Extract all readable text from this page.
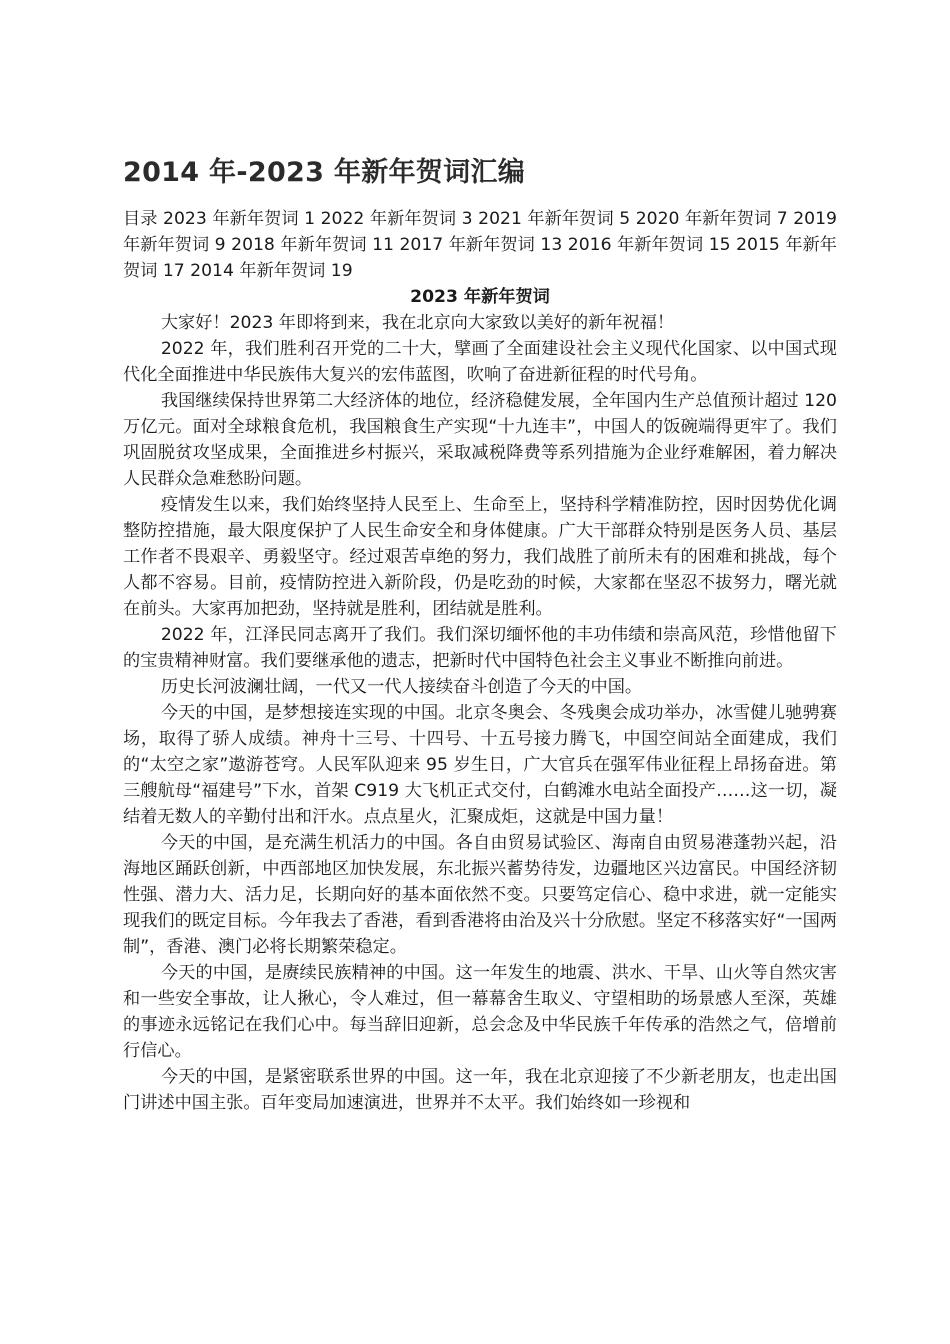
2014 年-2023 年新年贺词汇编

目录 2023 年新年贺词 1 2022 年新年贺词 3 2021 年新年贺词 5 2020 年新年贺词 7 2019 年新年贺词 9 2018 年新年贺词 11 2017 年新年贺词 13 2016 年新年贺词 15 2015 年新年贺词 17 2014 年新年贺词 19

2023 年新年贺词

大家好！2023 年即将到来，我在北京向大家致以美好的新年祝福！

2022 年，我们胜利召开党的二十大，擘画了全面建设社会主义现代化国家、以中国式现代化全面推进中华民族伟大复兴的宏伟蓝图，吹响了奋进新征程的时代号角。

我国继续保持世界第二大经济体的地位，经济稳健发展，全年国内生产总值预计超过 120 万亿元。面对全球粮食危机，我国粮食生产实现“十九连丰”，中国人的饭碗端得更牢了。我们巩固脱贫攻坚成果，全面推进乡村振兴，采取减税降费等系列措施为企业纾难解困，着力解决人民群众急难愁盼问题。

疫情发生以来，我们始终坚持人民至上、生命至上，坚持科学精准防控，因时因势优化调整防控措施，最大限度保护了人民生命安全和身体健康。广大干部群众特别是医务人员、基层工作者不畏艰辛、勇毅坚守。经过艰苦卓绝的努力，我们战胜了前所未有的困难和挑战，每个人都不容易。目前，疫情防控进入新阶段，仍是吃劲的时候，大家都在坚忍不拔努力，曙光就在前头。大家再加把劲，坚持就是胜利，团结就是胜利。

2022 年，江泽民同志离开了我们。我们深切缅怀他的丰功伟绩和崇高风范，珍惜他留下的宝贵精神财富。我们要继承他的遗志，把新时代中国特色社会主义事业不断推向前进。

历史长河波澜壮阔，一代又一代人接续奋斗创造了今天的中国。

今天的中国，是梦想接连实现的中国。北京冬奥会、冬残奥会成功举办，冰雪健儿驰骋赛场，取得了骄人成绩。神舟十三号、十四号、十五号接力腾飞，中国空间站全面建成，我们的“太空之家”遨游苍穹。人民军队迎来 95 岁生日，广大官兵在强军伟业征程上昂扬奋进。第三艘航母“福建号”下水，首架 C919 大飞机正式交付，白鹤滩水电站全面投产……这一切，凝结着无数人的辛勤付出和汗水。点点星火，汇聚成炬，这就是中国力量！

今天的中国，是充满生机活力的中国。各自由贸易试验区、海南自由贸易港蓬勃兴起，沿海地区踊跃创新，中西部地区加快发展，东北振兴蓄势待发，边疆地区兴边富民。中国经济韧性强、潜力大、活力足，长期向好的基本面依然不变。只要笃定信心、稳中求进，就一定能实现我们的既定目标。今年我去了香港，看到香港将由治及兴十分欣慰。坚定不移落实好“一国两制”，香港、澳门必将长期繁荣稳定。

今天的中国，是赓续民族精神的中国。这一年发生的地震、洪水、干旱、山火等自然灾害和一些安全事故，让人揪心，令人难过，但一幕幕舍生取义、守望相助的场景感人至深，英雄的事迹永远铭记在我们心中。每当辞旧迎新，总会念及中华民族千年传承的浩然之气，倍增前行信心。

今天的中国，是紧密联系世界的中国。这一年，我在北京迎接了不少新老朋友，也走出国门讲述中国主张。百年变局加速演进，世界并不太平。我们始终如一珍视和
